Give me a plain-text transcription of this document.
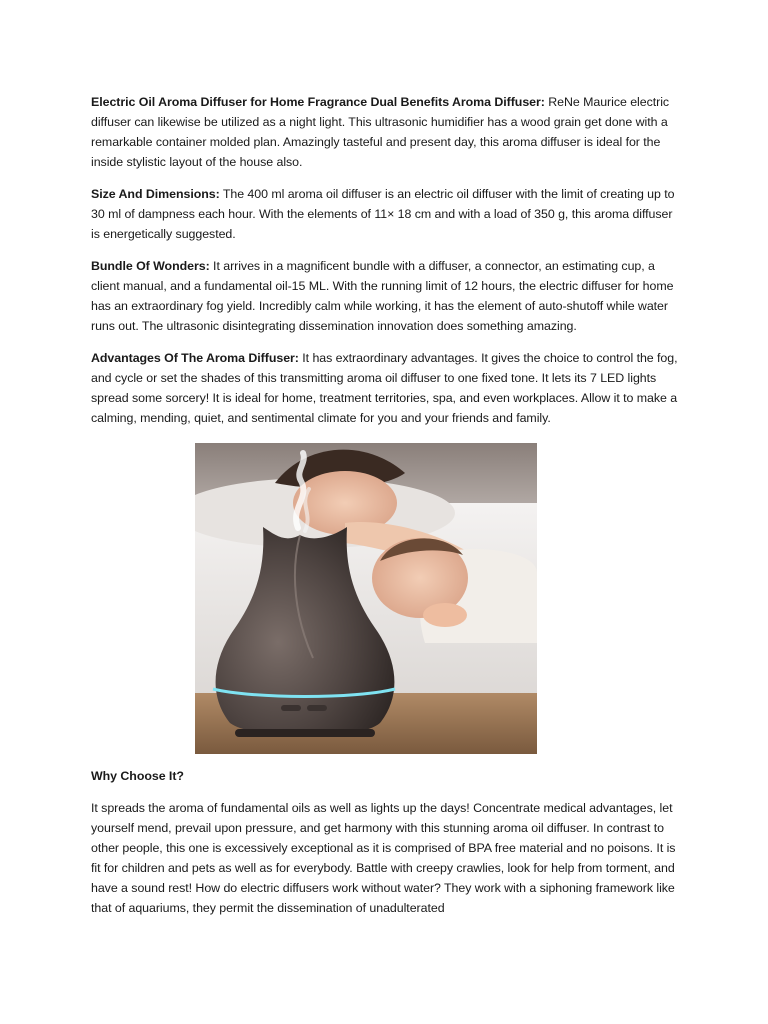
Electric Oil Aroma Diffuser for Home Fragrance Dual Benefits Aroma Diffuser: ReNe Maurice electric diffuser can likewise be utilized as a night light. This ultrasonic humidifier has a wood grain get done with a remarkable container molded plan. Amazingly tasteful and present day, this aroma diffuser is ideal for the inside stylistic layout of the house also.

Size And Dimensions: The 400 ml aroma oil diffuser is an electric oil diffuser with the limit of creating up to 30 ml of dampness each hour. With the elements of 11× 18 cm and with a load of 350 g, this aroma diffuser is energetically suggested.

Bundle Of Wonders: It arrives in a magnificent bundle with a diffuser, a connector, an estimating cup, a client manual, and a fundamental oil-15 ML. With the running limit of 12 hours, the electric diffuser for home has an extraordinary fog yield. Incredibly calm while working, it has the element of auto-shutoff while water runs out. The ultrasonic disintegrating dissemination innovation does something amazing.

Advantages Of The Aroma Diffuser: It has extraordinary advantages. It gives the choice to control the fog, and cycle or set the shades of this transmitting aroma oil diffuser to one fixed tone. It lets its 7 LED lights spread some sorcery! It is ideal for home, treatment territories, spa, and even workplaces. Allow it to make a calming, mending, quiet, and sentimental climate for you and your friends and family.

Why Choose It?

It spreads the aroma of fundamental oils as well as lights up the days! Concentrate medical advantages, let yourself mend, prevail upon pressure, and get harmony with this stunning aroma oil diffuser. In contrast to other people, this one is excessively exceptional as it is comprised of BPA free material and no poisons. It is fit for children and pets as well as for everybody. Battle with creepy crawlies, look for help from torment, and have a sound rest! How do electric diffusers work without water? They work with a siphoning framework like that of aquariums, they permit the dissemination of unadulterated
